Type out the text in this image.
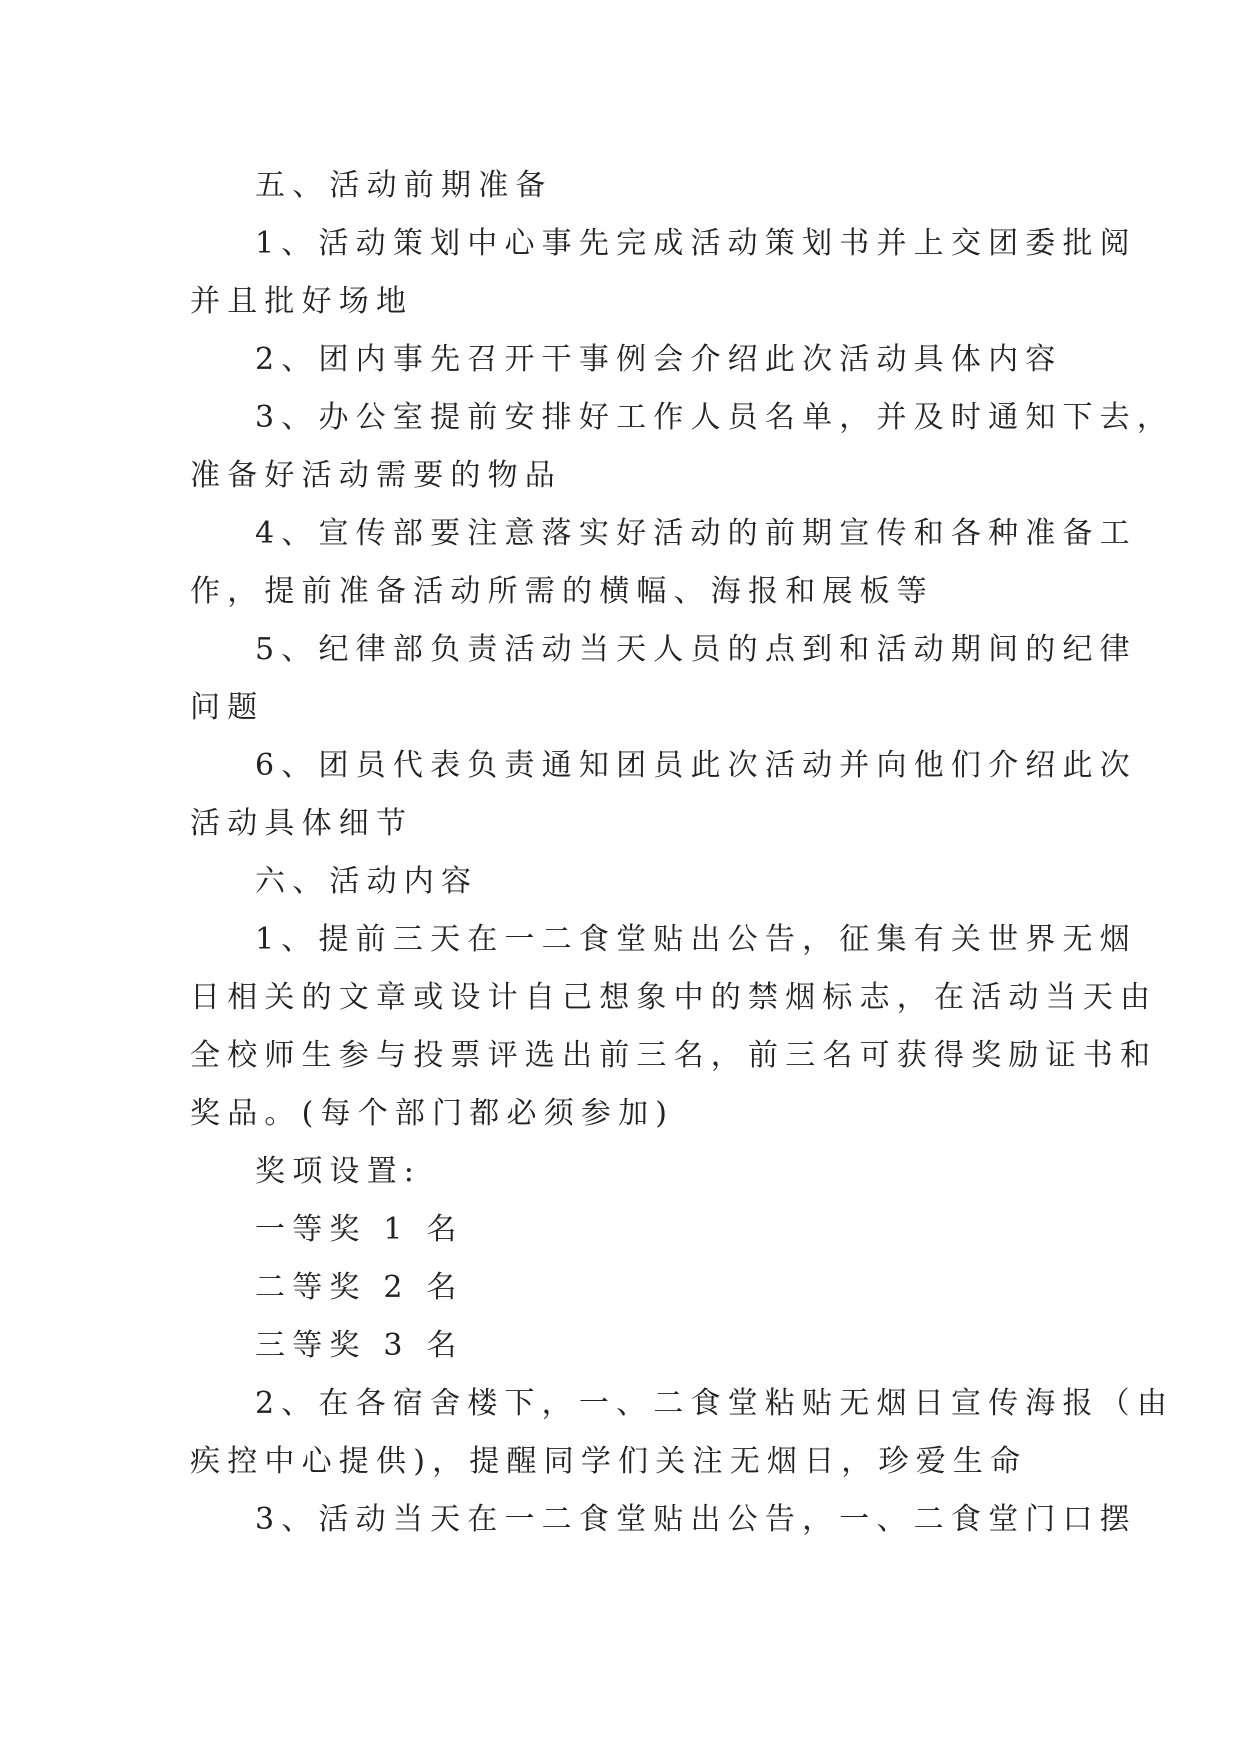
五、活动前期准备
1、活动策划中心事先完成活动策划书并上交团委批阅
并且批好场地
2、团内事先召开干事例会介绍此次活动具体内容
3、办公室提前安排好工作人员名单，并及时通知下去，
准备好活动需要的物品
4、宣传部要注意落实好活动的前期宣传和各种准备工
作，提前准备活动所需的横幅、海报和展板等
5、纪律部负责活动当天人员的点到和活动期间的纪律
问题
6、团员代表负责通知团员此次活动并向他们介绍此次
活动具体细节
六、活动内容
1、提前三天在一二食堂贴出公告，征集有关世界无烟
日相关的文章或设计自己想象中的禁烟标志，在活动当天由
全校师生参与投票评选出前三名，前三名可获得奖励证书和
奖品。(每个部门都必须参加)
奖项设置:
一等奖 1 名
二等奖 2 名
三等奖 3 名
2、在各宿舍楼下，一、二食堂粘贴无烟日宣传海报（由
疾控中心提供)，提醒同学们关注无烟日，珍爱生命
3、活动当天在一二食堂贴出公告，一、二食堂门口摆
